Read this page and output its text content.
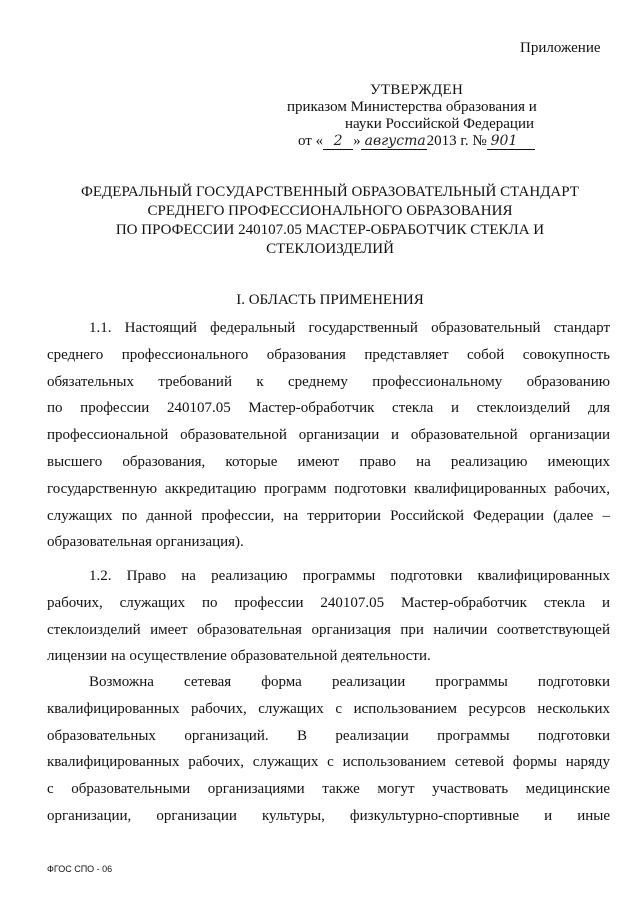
Приложение
УТВЕРЖДЕН
приказом Министерства образования и
науки Российской Федерации
от « 2 » августа2013 г. № 901
ФЕДЕРАЛЬНЫЙ ГОСУДАРСТВЕННЫЙ ОБРАЗОВАТЕЛЬНЫЙ СТАНДАРТ
СРЕДНЕГО ПРОФЕССИОНАЛЬНОГО ОБРАЗОВАНИЯ
ПО ПРОФЕССИИ 240107.05 МАСТЕР-ОБРАБОТЧИК СТЕКЛА И
СТЕКЛОИЗДЕЛИЙ
I. ОБЛАСТЬ ПРИМЕНЕНИЯ
1.1. Настоящий федеральный государственный образовательный стандарт
среднего профессионального образования представляет собой совокупность
обязательных требований к среднему профессиональному образованию
по профессии 240107.05 Мастер-обработчик стекла и стеклоизделий для
профессиональной образовательной организации и образовательной организации
высшего образования, которые имеют право на реализацию имеющих
государственную аккредитацию программ подготовки квалифицированных рабочих,
служащих по данной профессии, на территории Российской Федерации (далее –
образовательная организация).
1.2. Право на реализацию программы подготовки квалифицированных
рабочих, служащих по профессии 240107.05 Мастер-обработчик стекла и
стеклоизделий имеет образовательная организация при наличии соответствующей
лицензии на осуществление образовательной деятельности.
Возможна сетевая форма реализации программы подготовки
квалифицированных рабочих, служащих с использованием ресурсов нескольких
образовательных организаций. В реализации программы подготовки
квалифицированных рабочих, служащих с использованием сетевой формы наряду
с образовательными организациями также могут участвовать медицинские
организации, организации культуры, физкультурно-спортивные и иные
ФГОС СПО - 06
